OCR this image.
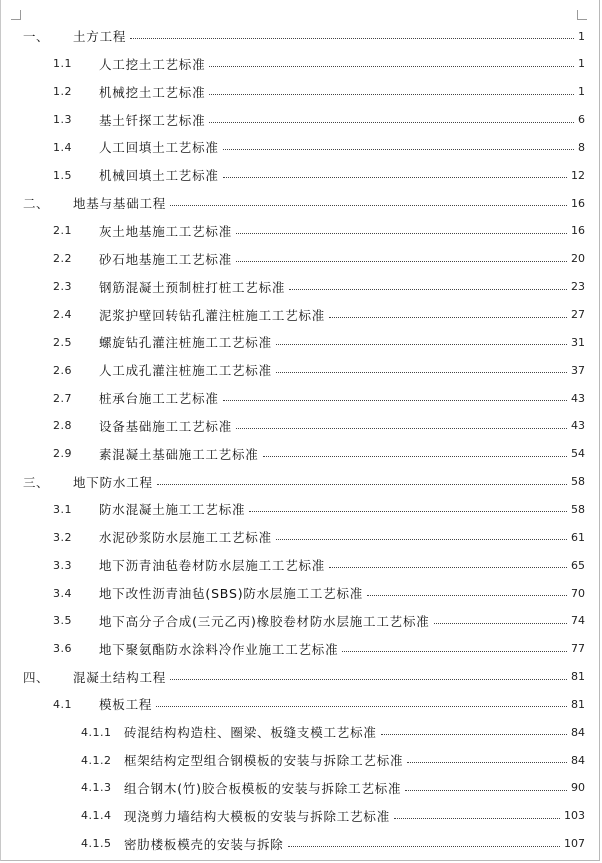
一、 土方工程	1
1.1 人工挖土工艺标准	1
1.2 机械挖土工艺标准	1
1.3 基土钎探工艺标准	6
1.4 人工回填土工艺标准	8
1.5 机械回填土工艺标准	12
二、 地基与基础工程	16
2.1 灰土地基施工工艺标准	16
2.2 砂石地基施工工艺标准	20
2.3 钢筋混凝土预制桩打桩工艺标准	23
2.4 泥浆护壁回转钻孔灌注桩施工工艺标准	27
2.5 螺旋钻孔灌注桩施工工艺标准	31
2.6 人工成孔灌注桩施工工艺标准	37
2.7 桩承台施工工艺标准	43
2.8 设备基础施工工艺标准	43
2.9 素混凝土基础施工工艺标准	54
三、 地下防水工程	58
3.1 防水混凝土施工工艺标准	58
3.2 水泥砂浆防水层施工工艺标准	61
3.3 地下沥青油毡卷材防水层施工工艺标准	65
3.4 地下改性沥青油毡(SBS)防水层施工工艺标准	70
3.5 地下高分子合成(三元乙丙)橡胶卷材防水层施工工艺标准	74
3.6 地下聚氨酯防水涂料冷作业施工工艺标准	77
四、 混凝土结构工程	81
4.1 模板工程	81
4.1.1 砖混结构构造柱、圈梁、板缝支模工艺标准	84
4.1.2 框架结构定型组合钢模板的安装与拆除工艺标准	84
4.1.3 组合钢木(竹)胶合板模板的安装与拆除工艺标准	90
4.1.4 现浇剪力墙结构大模板的安装与拆除工艺标准	103
4.1.5 密肋楼板模壳的安装与拆除	107
